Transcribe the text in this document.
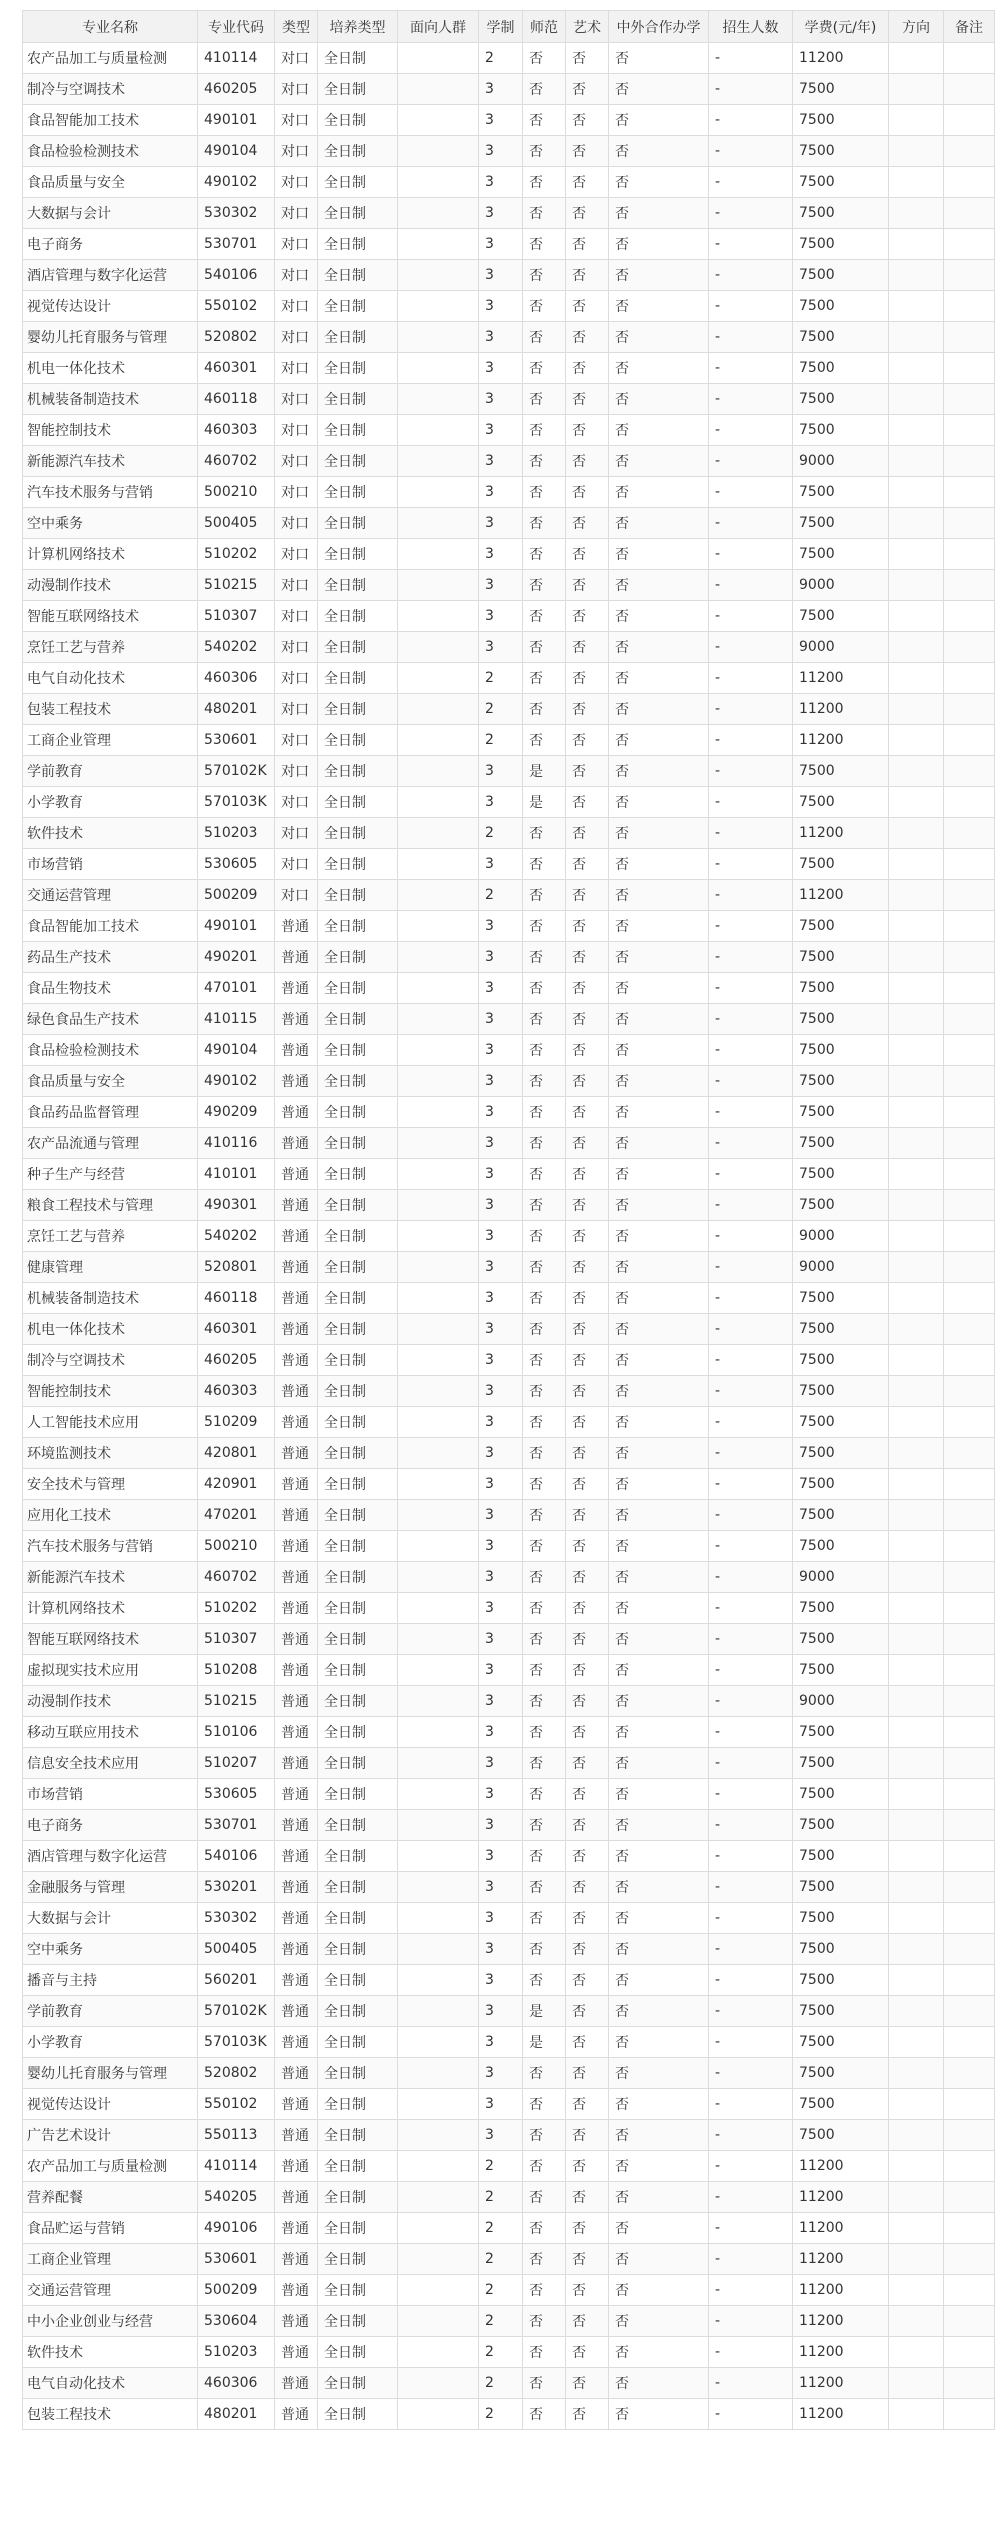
专业名称	专业代码	类型	培养类型	面向人群	学制	师范	艺术	中外合作办学	招生人数	学费(元/年)	方向	备注
农产品加工与质量检测	410114	对口	全日制		2	否	否	否	-	11200		
制冷与空调技术	460205	对口	全日制		3	否	否	否	-	7500		
食品智能加工技术	490101	对口	全日制		3	否	否	否	-	7500		
食品检验检测技术	490104	对口	全日制		3	否	否	否	-	7500		
食品质量与安全	490102	对口	全日制		3	否	否	否	-	7500		
大数据与会计	530302	对口	全日制		3	否	否	否	-	7500		
电子商务	530701	对口	全日制		3	否	否	否	-	7500		
酒店管理与数字化运营	540106	对口	全日制		3	否	否	否	-	7500		
视觉传达设计	550102	对口	全日制		3	否	否	否	-	7500		
婴幼儿托育服务与管理	520802	对口	全日制		3	否	否	否	-	7500		
机电一体化技术	460301	对口	全日制		3	否	否	否	-	7500		
机械装备制造技术	460118	对口	全日制		3	否	否	否	-	7500		
智能控制技术	460303	对口	全日制		3	否	否	否	-	7500		
新能源汽车技术	460702	对口	全日制		3	否	否	否	-	9000		
汽车技术服务与营销	500210	对口	全日制		3	否	否	否	-	7500		
空中乘务	500405	对口	全日制		3	否	否	否	-	7500		
计算机网络技术	510202	对口	全日制		3	否	否	否	-	7500		
动漫制作技术	510215	对口	全日制		3	否	否	否	-	9000		
智能互联网络技术	510307	对口	全日制		3	否	否	否	-	7500		
烹饪工艺与营养	540202	对口	全日制		3	否	否	否	-	9000		
电气自动化技术	460306	对口	全日制		2	否	否	否	-	11200		
包装工程技术	480201	对口	全日制		2	否	否	否	-	11200		
工商企业管理	530601	对口	全日制		2	否	否	否	-	11200		
学前教育	570102K	对口	全日制		3	是	否	否	-	7500		
小学教育	570103K	对口	全日制		3	是	否	否	-	7500		
软件技术	510203	对口	全日制		2	否	否	否	-	11200		
市场营销	530605	对口	全日制		3	否	否	否	-	7500		
交通运营管理	500209	对口	全日制		2	否	否	否	-	11200		
食品智能加工技术	490101	普通	全日制		3	否	否	否	-	7500		
药品生产技术	490201	普通	全日制		3	否	否	否	-	7500		
食品生物技术	470101	普通	全日制		3	否	否	否	-	7500		
绿色食品生产技术	410115	普通	全日制		3	否	否	否	-	7500		
食品检验检测技术	490104	普通	全日制		3	否	否	否	-	7500		
食品质量与安全	490102	普通	全日制		3	否	否	否	-	7500		
食品药品监督管理	490209	普通	全日制		3	否	否	否	-	7500		
农产品流通与管理	410116	普通	全日制		3	否	否	否	-	7500		
种子生产与经营	410101	普通	全日制		3	否	否	否	-	7500		
粮食工程技术与管理	490301	普通	全日制		3	否	否	否	-	7500		
烹饪工艺与营养	540202	普通	全日制		3	否	否	否	-	9000		
健康管理	520801	普通	全日制		3	否	否	否	-	9000		
机械装备制造技术	460118	普通	全日制		3	否	否	否	-	7500		
机电一体化技术	460301	普通	全日制		3	否	否	否	-	7500		
制冷与空调技术	460205	普通	全日制		3	否	否	否	-	7500		
智能控制技术	460303	普通	全日制		3	否	否	否	-	7500		
人工智能技术应用	510209	普通	全日制		3	否	否	否	-	7500		
环境监测技术	420801	普通	全日制		3	否	否	否	-	7500		
安全技术与管理	420901	普通	全日制		3	否	否	否	-	7500		
应用化工技术	470201	普通	全日制		3	否	否	否	-	7500		
汽车技术服务与营销	500210	普通	全日制		3	否	否	否	-	7500		
新能源汽车技术	460702	普通	全日制		3	否	否	否	-	9000		
计算机网络技术	510202	普通	全日制		3	否	否	否	-	7500		
智能互联网络技术	510307	普通	全日制		3	否	否	否	-	7500		
虚拟现实技术应用	510208	普通	全日制		3	否	否	否	-	7500		
动漫制作技术	510215	普通	全日制		3	否	否	否	-	9000		
移动互联应用技术	510106	普通	全日制		3	否	否	否	-	7500		
信息安全技术应用	510207	普通	全日制		3	否	否	否	-	7500		
市场营销	530605	普通	全日制		3	否	否	否	-	7500		
电子商务	530701	普通	全日制		3	否	否	否	-	7500		
酒店管理与数字化运营	540106	普通	全日制		3	否	否	否	-	7500		
金融服务与管理	530201	普通	全日制		3	否	否	否	-	7500		
大数据与会计	530302	普通	全日制		3	否	否	否	-	7500		
空中乘务	500405	普通	全日制		3	否	否	否	-	7500		
播音与主持	560201	普通	全日制		3	否	否	否	-	7500		
学前教育	570102K	普通	全日制		3	是	否	否	-	7500		
小学教育	570103K	普通	全日制		3	是	否	否	-	7500		
婴幼儿托育服务与管理	520802	普通	全日制		3	否	否	否	-	7500		
视觉传达设计	550102	普通	全日制		3	否	否	否	-	7500		
广告艺术设计	550113	普通	全日制		3	否	否	否	-	7500		
农产品加工与质量检测	410114	普通	全日制		2	否	否	否	-	11200		
营养配餐	540205	普通	全日制		2	否	否	否	-	11200		
食品贮运与营销	490106	普通	全日制		2	否	否	否	-	11200		
工商企业管理	530601	普通	全日制		2	否	否	否	-	11200		
交通运营管理	500209	普通	全日制		2	否	否	否	-	11200		
中小企业创业与经营	530604	普通	全日制		2	否	否	否	-	11200		
软件技术	510203	普通	全日制		2	否	否	否	-	11200		
电气自动化技术	460306	普通	全日制		2	否	否	否	-	11200		
包装工程技术	480201	普通	全日制		2	否	否	否	-	11200		
